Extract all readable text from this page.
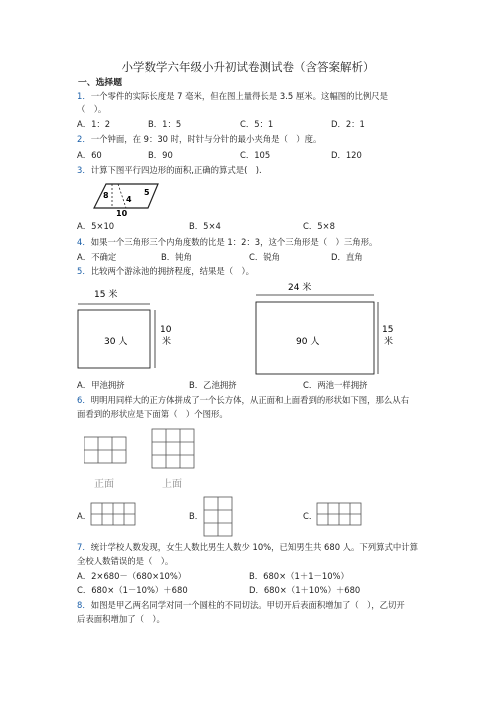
小学数学六年级小升初试卷测试卷（含答案解析）
一、选择题
1．一个零件的实际长度是 7 毫米，但在图上量得长是 3.5 厘米。这幅图的比例尺是
（　）。
A．1：2	B．1：5	C．5：1	D．2：1
2．一个钟面，在 9：30 时，时针与分针的最小夹角是（　）度。
A．60	B．90	C．105	D．120
3．计算下图平行四边形的面积,正确的算式是(　).
8 4
5
10
A．5×10	B．5×4	C．5×8
4．如果一个三角形三个内角度数的比是 1：2：3，这个三角形是（　）三角形。
A．不确定	B．钝角	C．锐角	D．直角
5．比较两个游泳池的拥挤程度，结果是（　）。
15 米
30 人
10
米
24 米
90 人
15
米
A．甲池拥挤	B．乙池拥挤	C．两池一样拥挤
6．明明用同样大的正方体拼成了一个长方体，从正面和上面看到的形状如下图，那么从右
面看到的形状应是下面第（　）个图形。
正面	上面
A．	B．	C．
7．统计学校人数发现，女生人数比男生人数少 10%，已知男生共 680 人。下列算式中计算
全校人数错误的是（　）。
A．2×680－（680×10%）	B．680×（1＋1－10%）
C．680×（1－10%）＋680	D．680×（1＋10%）＋680
8．如图是甲乙两名同学对同一个圆柱的不同切法。甲切开后表面积增加了（　），乙切开
后表面积增加了（　）。
